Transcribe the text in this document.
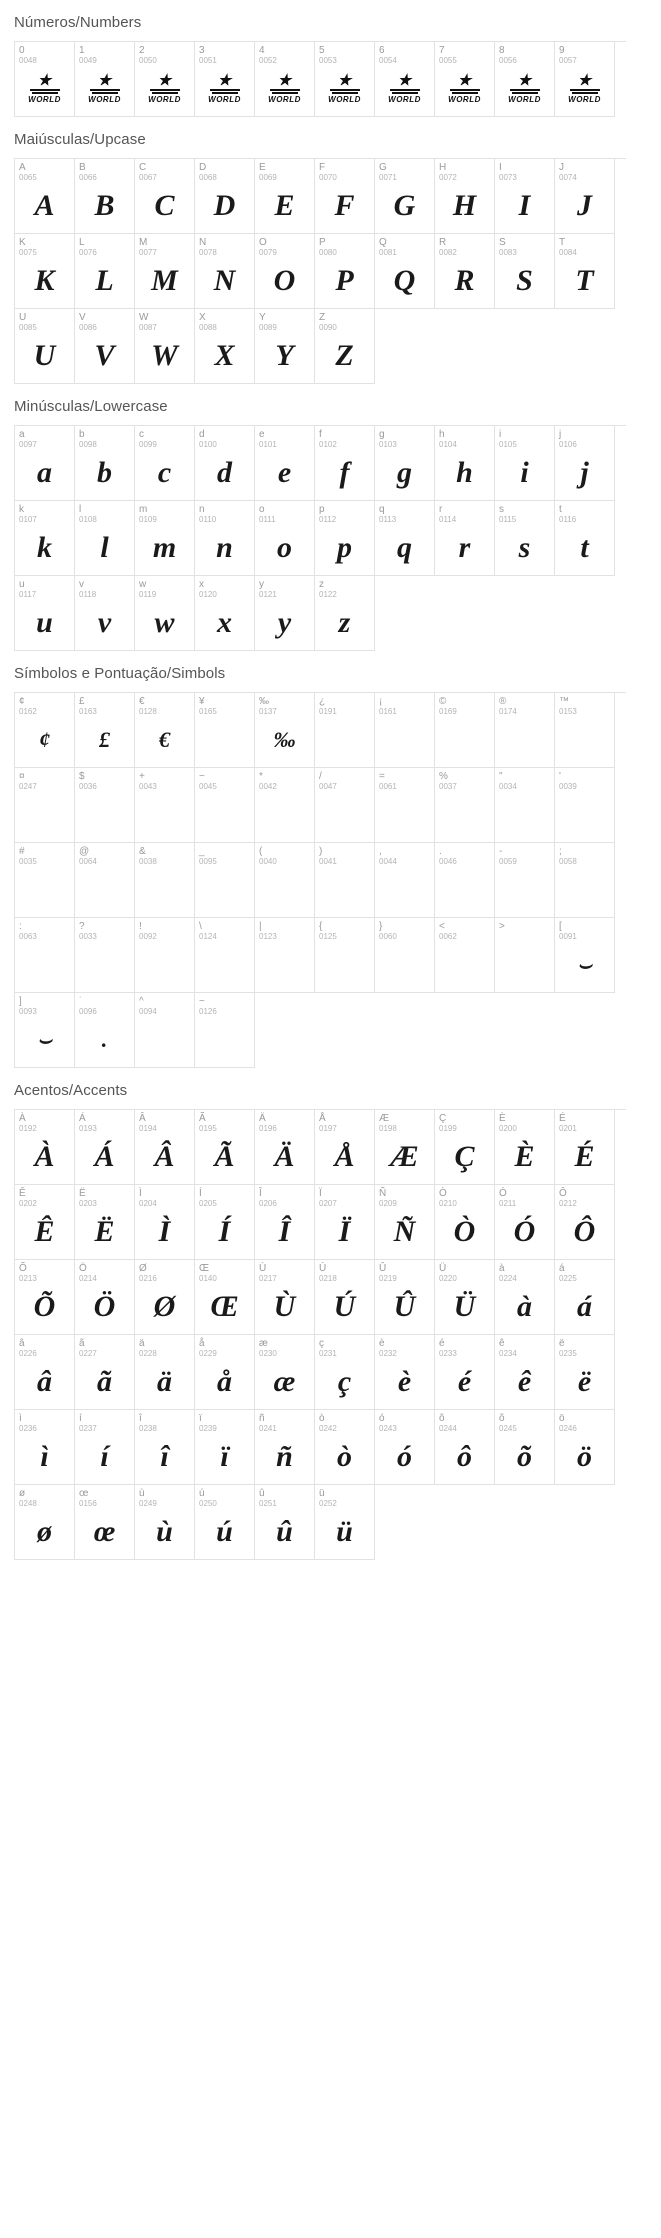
Números/Numbers
0
0048
★
WORLD
1
0049
★
WORLD
2
0050
★
WORLD
3
0051
★
WORLD
4
0052
★
WORLD
5
0053
★
WORLD
6
0054
★
WORLD
7
0055
★
WORLD
8
0056
★
WORLD
9
0057
★
WORLD
Maiúsculas/Upcase
A
0065
A
B
0066
B
C
0067
C
D
0068
D
E
0069
E
F
0070
F
G
0071
G
H
0072
H
I
0073
I
J
0074
J
K
0075
K
L
0076
L
M
0077
M
N
0078
N
O
0079
O
P
0080
P
Q
0081
Q
R
0082
R
S
0083
S
T
0084
T
U
0085
U
V
0086
V
W
0087
W
X
0088
X
Y
0089
Y
Z
0090
Z
Minúsculas/Lowercase
a
0097
a
b
0098
b
c
0099
c
d
0100
d
e
0101
e
f
0102
f
g
0103
g
h
0104
h
i
0105
i
j
0106
j
k
0107
k
l
0108
l
m
0109
m
n
0110
n
o
0111
o
p
0112
p
q
0113
q
r
0114
r
s
0115
s
t
0116
t
u
0117
u
v
0118
v
w
0119
w
x
0120
x
y
0121
y
z
0122
z
Símbolos e Pontuação/Simbols
¢
0162
¢
£
0163
£
€
0128
€
¥
0165
‰
0137
‰
¿
0191
¡
0161
©
0169
®
0174
™
0153
¤
0247
$
0036
+
0043
−
0045
*
0042
/
0047
=
0061
%
0037
"
0034
'
0039
#
0035
@
0064
&
0038
_
0095
(
0040
)
0041
,
0044
.
0046
-
0059
;
0058
:
0063
?
0033
!
0092
\
0124
|
0123
{
0125
}
0060
<
0062
>	[
0091
⌣
]
0093
⌣
˙
0096
.
^
0094
~
0126
Acentos/Accents
À
0192
À
Á
0193
Á
Â
0194
Â
Ã
0195
Ã
Ä
0196
Ä
Å
0197
Å
Æ
0198
Æ
Ç
0199
Ç
È
0200
È
É
0201
É
Ê
0202
Ê
Ë
0203
Ë
Ì
0204
Ì
Í
0205
Í
Î
0206
Î
Ï
0207
Ï
Ñ
0209
Ñ
Ò
0210
Ò
Ó
0211
Ó
Ô
0212
Ô
Õ
0213
Õ
Ö
0214
Ö
Ø
0216
Ø
Œ
0140
Œ
Ù
0217
Ù
Ú
0218
Ú
Û
0219
Û
Ü
0220
Ü
à
0224
à
á
0225
á
â
0226
â
ã
0227
ã
ä
0228
ä
å
0229
å
æ
0230
æ
ç
0231
ç
è
0232
è
é
0233
é
ê
0234
ê
ë
0235
ë
ì
0236
ì
í
0237
í
î
0238
î
ï
0239
ï
ñ
0241
ñ
ò
0242
ò
ó
0243
ó
ô
0244
ô
õ
0245
õ
ö
0246
ö
ø
0248
ø
œ
0156
œ
ù
0249
ù
ú
0250
ú
û
0251
û
ü
0252
ü
